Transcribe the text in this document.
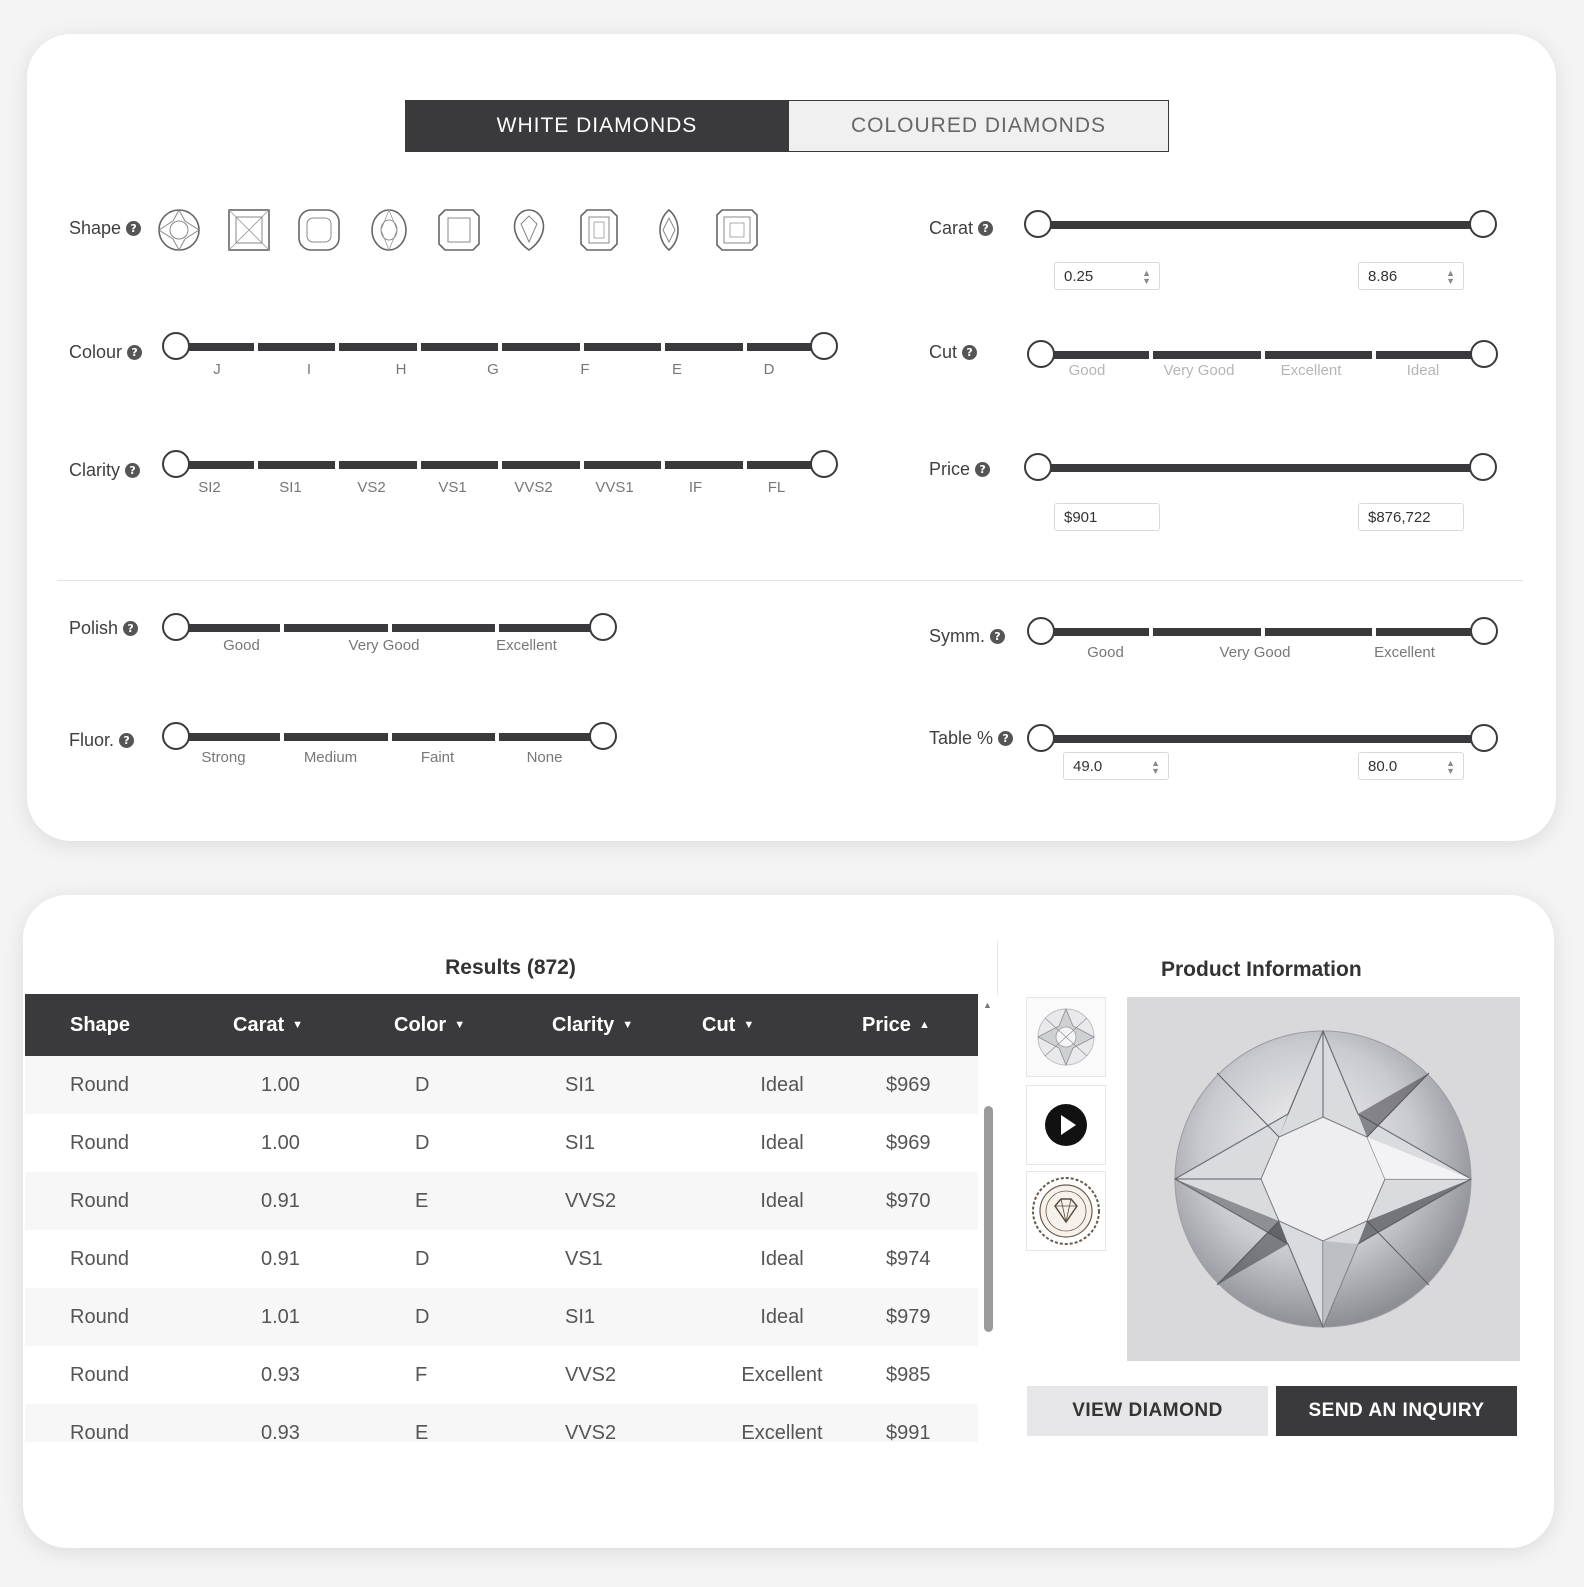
WHITE DIAMONDS	COLOURED DIAMONDS
Shape ?
Colour ?
J	I	H	G	F	E	D
Clarity ?
SI2	SI1	VS2	VS1	VVS2	VVS1	IF	FL
Carat ?
0.25	▲
▼	8.86	▲
▼
Cut ?
Good	Very Good	Excellent	Ideal
Price ?
$901	$876,722
Polish ?
Good	Very Good	Excellent
Fluor. ?
Strong	Medium	Faint	None
Symm. ?
Good	Very Good	Excellent
Table % ?
49.0	▲
▼	80.0	▲
▼
Results (872)
	Shape	Carat ▼	Color ▼	Clarity ▼	Cut ▼	Price ▲
	Round	1.00	D	SI1	Ideal	$969
	Round	1.00	D	SI1	Ideal	$969
	Round	0.91	E	VVS2	Ideal	$970
	Round	0.91	D	VS1	Ideal	$974
	Round	1.01	D	SI1	Ideal	$979
	Round	0.93	F	VVS2	Excellent	$985
	Round	0.93	E	VVS2	Excellent	$991
▲
Product Information
VIEW DIAMOND	SEND AN INQUIRY
